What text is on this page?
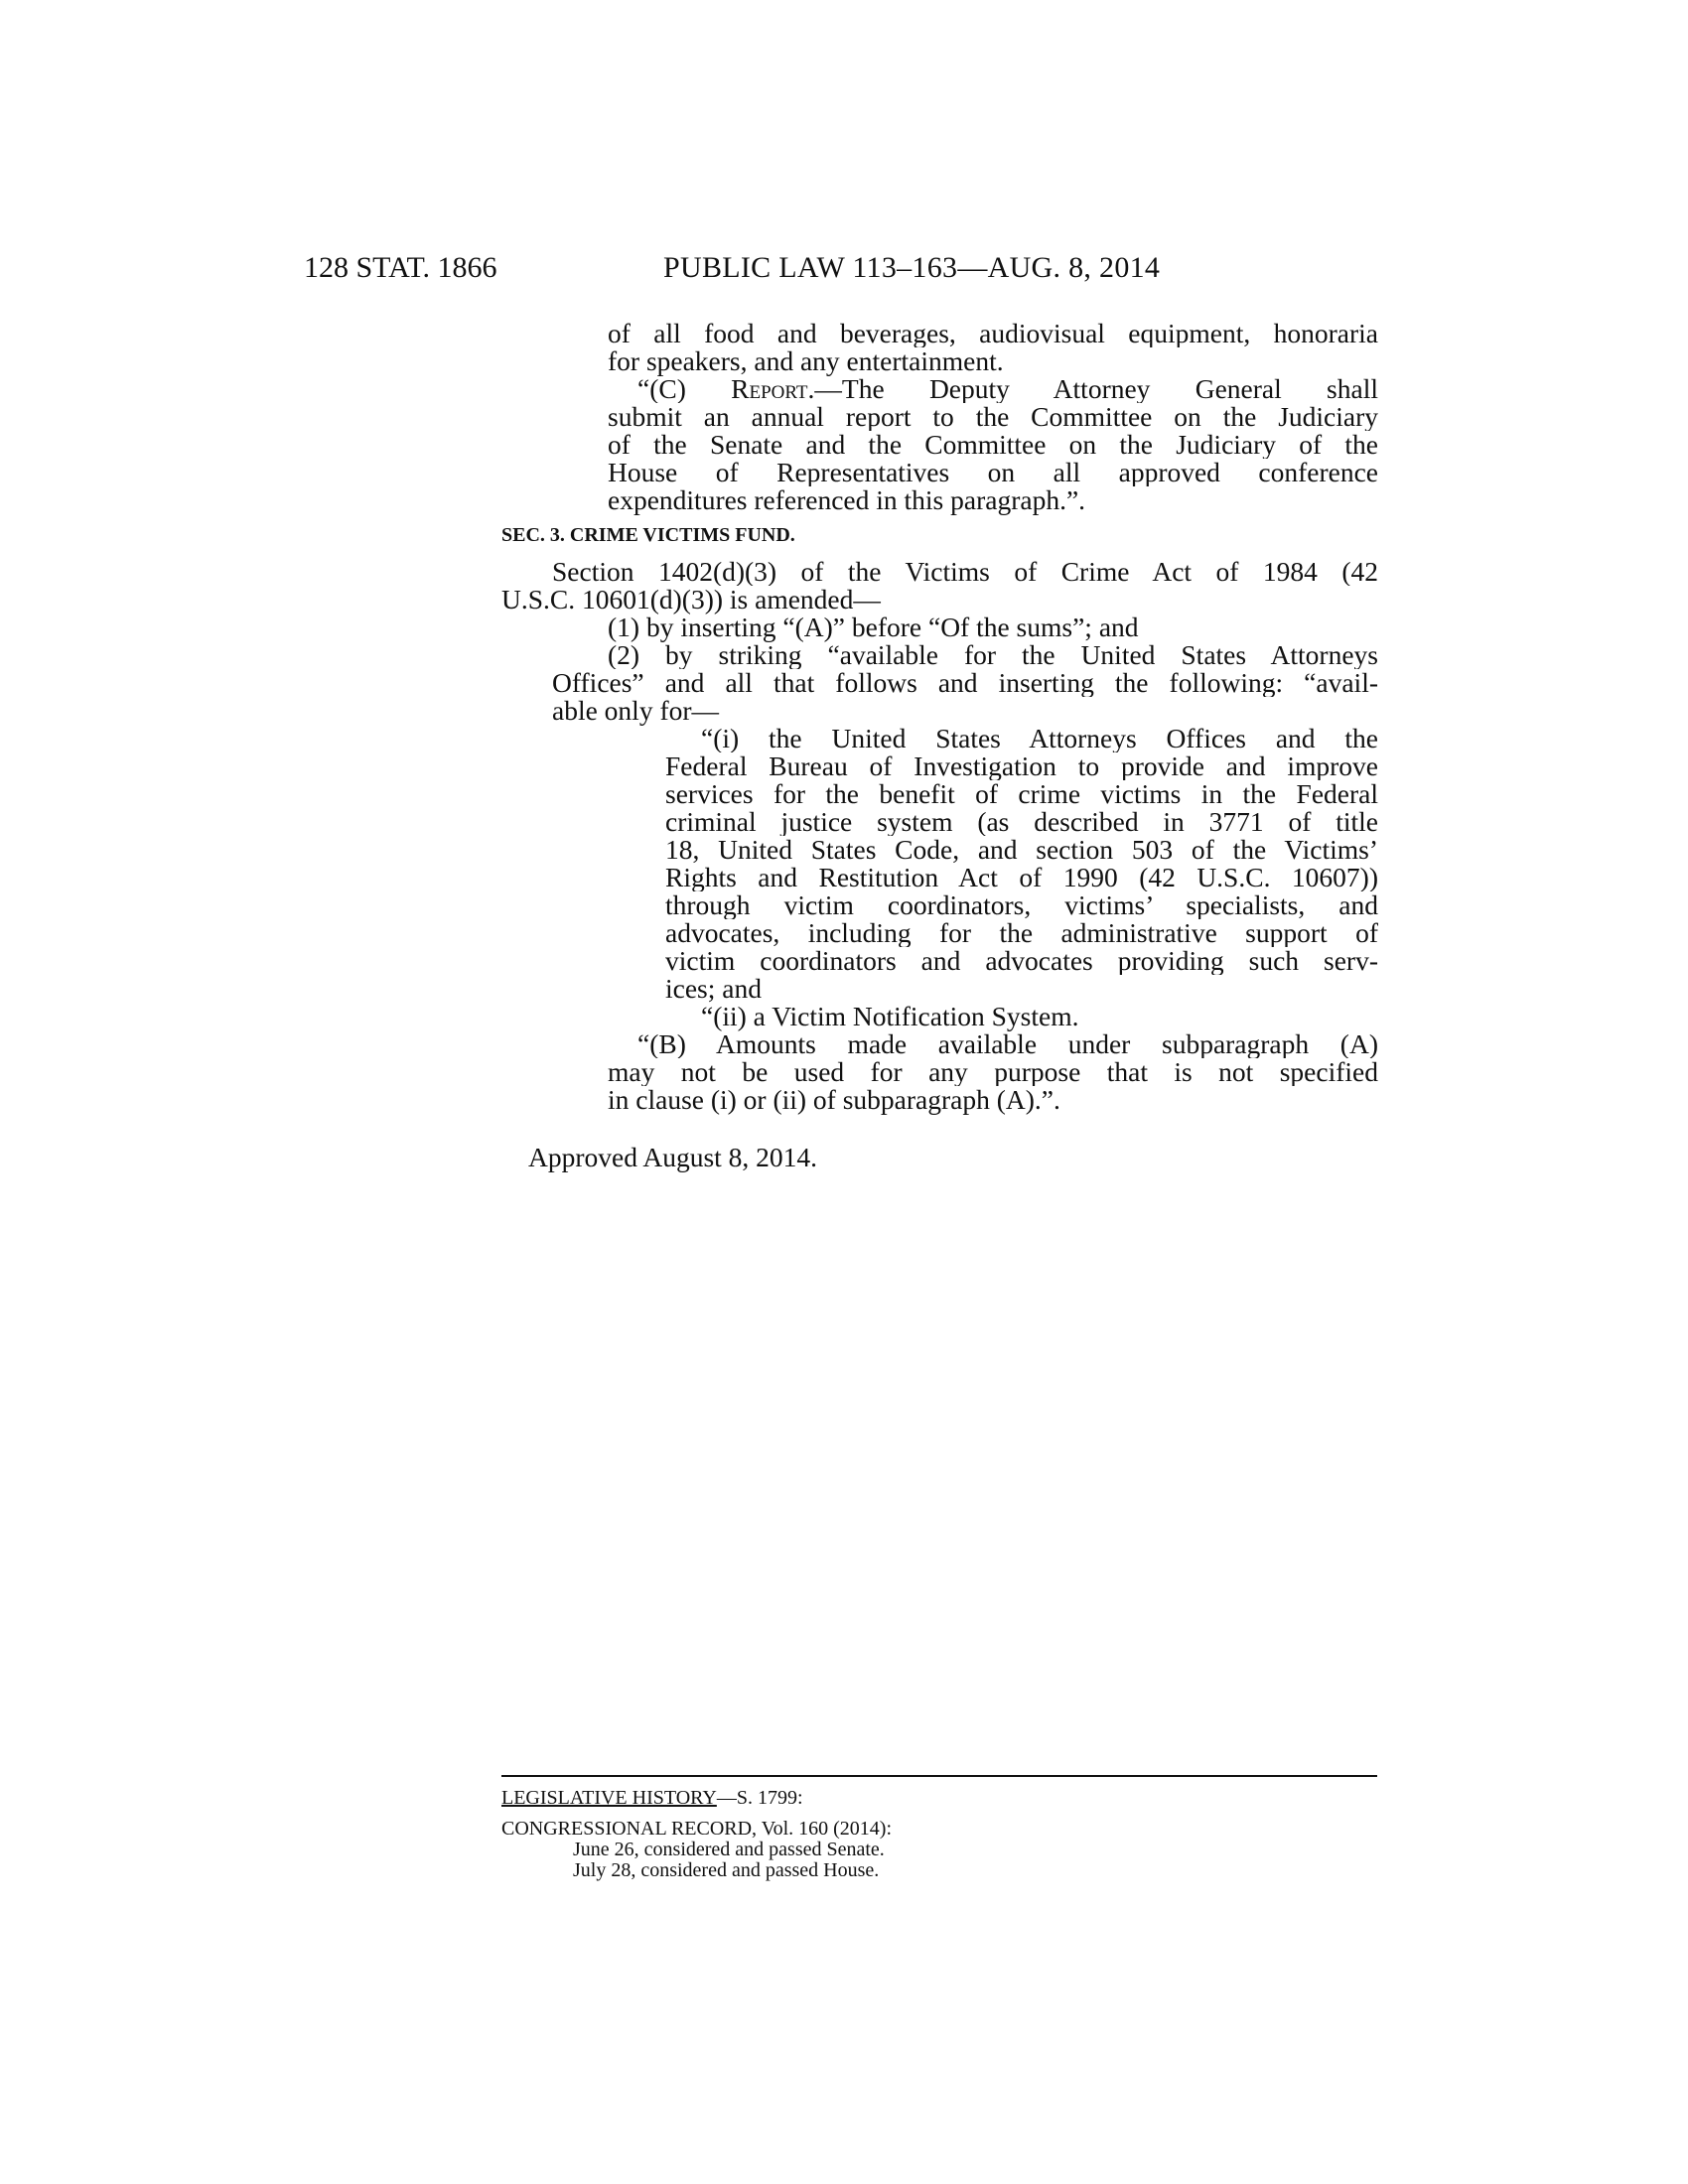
128 STAT. 1866	PUBLIC LAW 113–163—AUG. 8, 2014
of all food and beverages, audiovisual equipment, honoraria
for speakers, and any entertainment.
“(C) Report.—The Deputy Attorney General shall
submit an annual report to the Committee on the Judiciary
of the Senate and the Committee on the Judiciary of the
House of Representatives on all approved conference
expenditures referenced in this paragraph.”.
SEC. 3. CRIME VICTIMS FUND.
Section 1402(d)(3) of the Victims of Crime Act of 1984 (42
U.S.C. 10601(d)(3)) is amended—
(1) by inserting “(A)” before “Of the sums”; and
(2) by striking “available for the United States Attorneys
Offices” and all that follows and inserting the following: “avail-
able only for—
“(i) the United States Attorneys Offices and the
Federal Bureau of Investigation to provide and improve
services for the benefit of crime victims in the Federal
criminal justice system (as described in 3771 of title
18, United States Code, and section 503 of the Victims’
Rights and Restitution Act of 1990 (42 U.S.C. 10607))
through victim coordinators, victims’ specialists, and
advocates, including for the administrative support of
victim coordinators and advocates providing such serv-
ices; and
“(ii) a Victim Notification System.
“(B) Amounts made available under subparagraph (A)
may not be used for any purpose that is not specified
in clause (i) or (ii) of subparagraph (A).”.
Approved August 8, 2014.
LEGISLATIVE HISTORY—S. 1799:
CONGRESSIONAL RECORD, Vol. 160 (2014):
June 26, considered and passed Senate.
July 28, considered and passed House.
